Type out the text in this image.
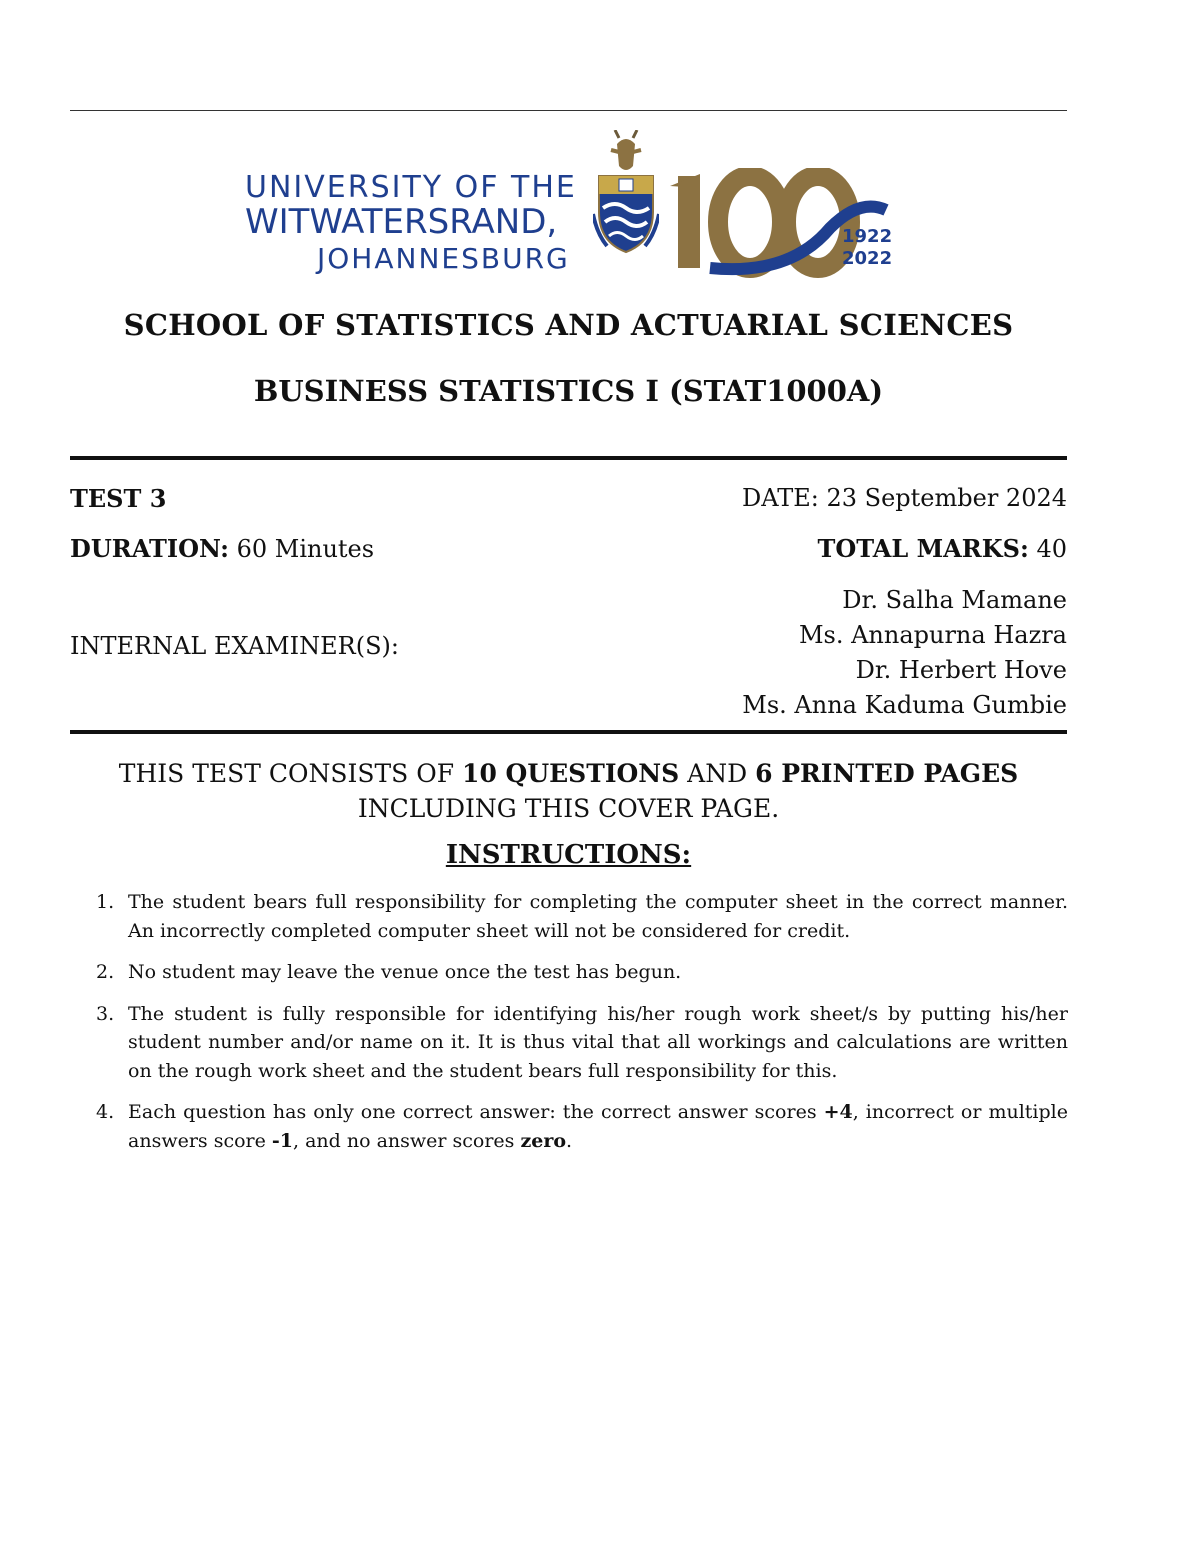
UNIVERSITY OF THE
WITWATERSRAND,
JOHANNESBURG
1922
2022
SCHOOL OF STATISTICS AND ACTUARIAL SCIENCES
BUSINESS STATISTICS I (STAT1000A)
TEST 3	DATE: 23 September 2024
DURATION: 60 Minutes	TOTAL MARKS: 40
INTERNAL EXAMINER(S):
Dr. Salha Mamane
Ms. Annapurna Hazra
Dr. Herbert Hove
Ms. Anna Kaduma Gumbie
THIS TEST CONSISTS OF 10 QUESTIONS AND 6 PRINTED PAGES
INCLUDING THIS COVER PAGE.
INSTRUCTIONS:
1. The student bears full responsibility for completing the computer sheet in the correct manner. An incorrectly completed computer sheet will not be considered for credit.
2. No student may leave the venue once the test has begun.
3. The student is fully responsible for identifying his/her rough work sheet/s by putting his/her student number and/or name on it. It is thus vital that all workings and calculations are written on the rough work sheet and the student bears full responsibility for this.
4. Each question has only one correct answer: the correct answer scores +4, incorrect or multiple answers score -1, and no answer scores zero.
